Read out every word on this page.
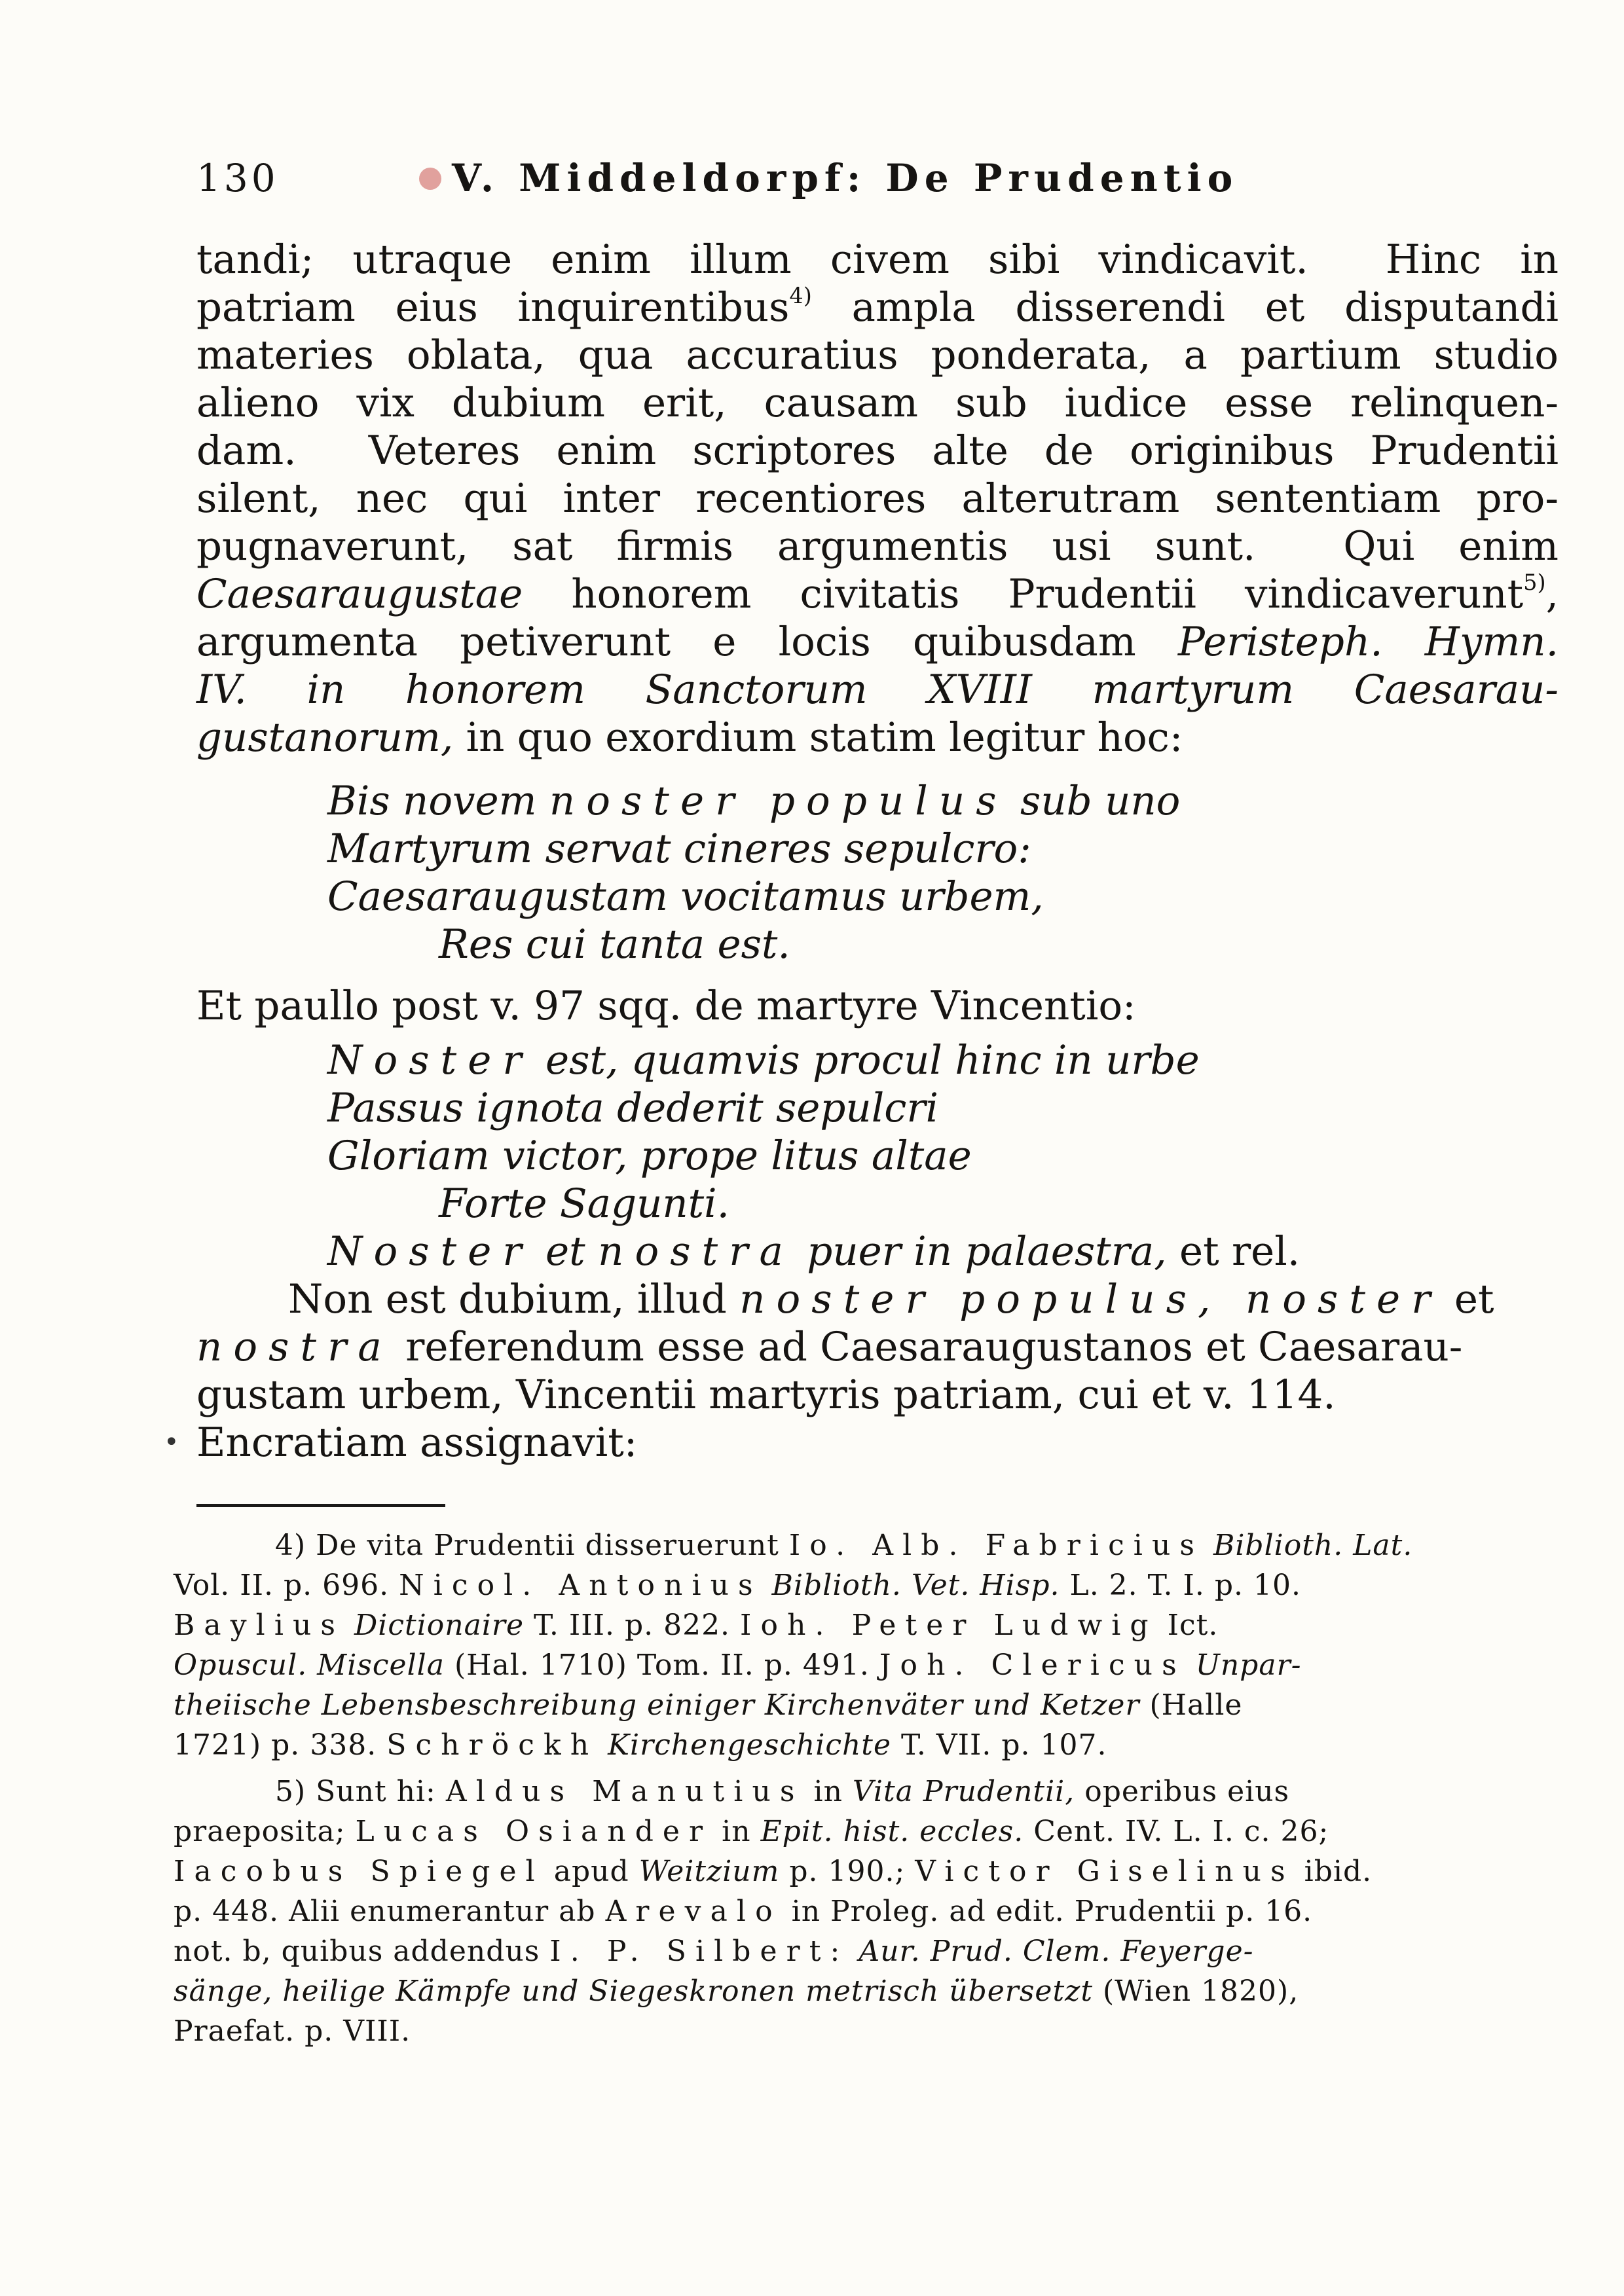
130	V. Middeldorpf: De Prudentio
tandi; utraque enim illum civem sibi vindicavit.  Hinc in
patriam eius inquirentibus$^{4)}$ ampla disserendi et disputandi
materies oblata, qua accuratius ponderata, a partium studio
alieno vix dubium erit, causam sub iudice esse relinquen-
dam.  Veteres enim scriptores alte de originibus Prudentii
silent, nec qui inter recentiores alterutram sententiam pro-
pugnaverunt, sat firmis argumentis usi sunt.  Qui enim
Caesaraugustae honorem civitatis Prudentii vindicaverunt$^{5)}$,
argumenta petiverunt e locis quibusdam Peristeph. Hymn.
IV. in honorem Sanctorum XVIII martyrum Caesarau-
gustanorum, in quo exordium statim legitur hoc:
Bis novem noster populus sub uno
Martyrum servat cineres sepulcro:
Caesaraugustam vocitamus urbem,
Res cui tanta est.
Et paullo post v. 97 sqq. de martyre Vincentio:
Noster est, quamvis procul hinc in urbe
Passus ignota dederit sepulcri
Gloriam victor, prope litus altae
Forte Sagunti.
Noster et nostra puer in palaestra, et rel.
Non est dubium, illud noster populus, noster et
nostra referendum esse ad Caesaraugustanos et Caesarau-
gustam urbem, Vincentii martyris patriam, cui et v. 114.
Encratiam assignavit:
4) De vita Prudentii disseruerunt Io. Alb. Fabricius Biblioth. Lat.
Vol. II. p. 696. Nicol. Antonius Biblioth. Vet. Hisp. L. 2. T. I. p. 10.
Baylius Dictionaire T. III. p. 822. Ioh. Peter Ludwig Ict.
Opuscul. Miscella (Hal. 1710) Tom. II. p. 491. Joh. Clericus Unpar-
theiische Lebensbeschreibung einiger Kirchenväter und Ketzer (Halle
1721) p. 338. Schröckh Kirchengeschichte T. VII. p. 107.
5) Sunt hi: Aldus Manutius in Vita Prudentii, operibus eius
praeposita; Lucas Osiander in Epit. hist. eccles. Cent. IV. L. I. c. 26;
Iacobus Spiegel apud Weitzium p. 190.; Victor Giselinus ibid.
p. 448. Alii enumerantur ab Arevalo in Proleg. ad edit. Prudentii p. 16.
not. b, quibus addendus I. P. Silbert: Aur. Prud. Clem. Feyerge-
sänge, heilige Kämpfe und Siegeskronen metrisch übersetzt (Wien 1820),
Praefat. p. VIII.
•
